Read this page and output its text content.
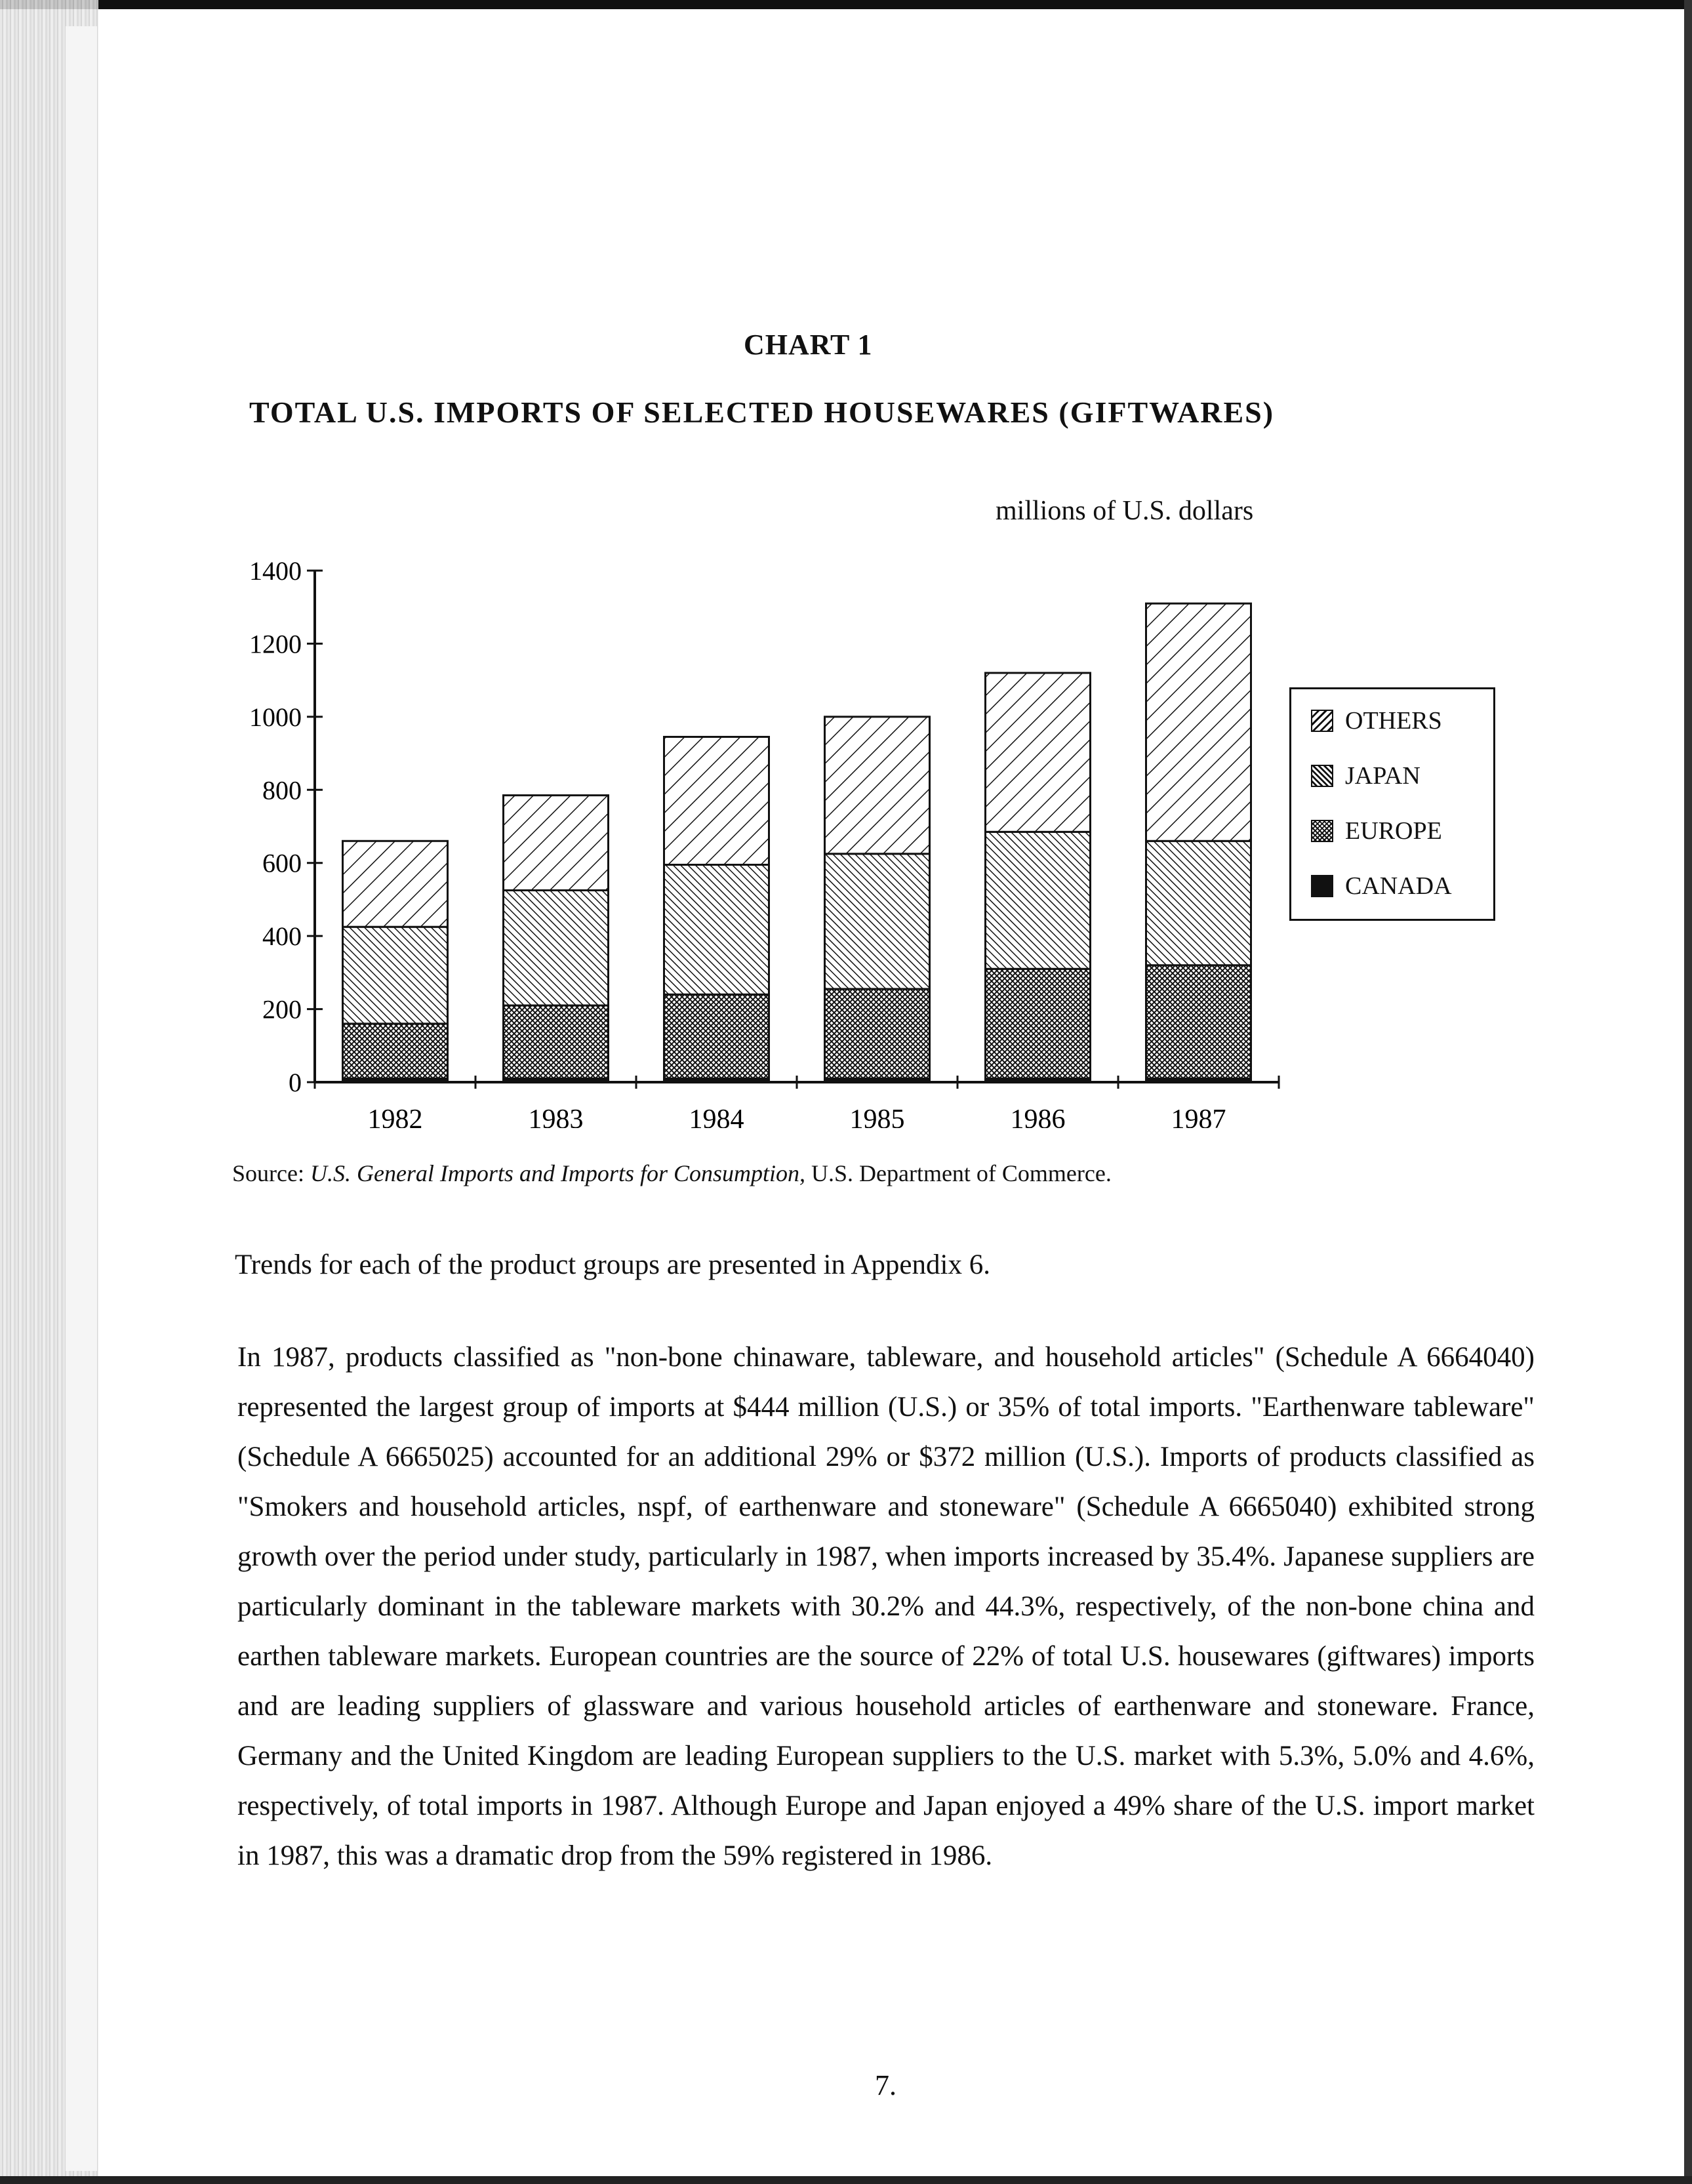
CHART 1
TOTAL U.S. IMPORTS OF SELECTED HOUSEWARES (GIFTWARES)
millions of U.S. dollars
0
200
400
600
800
1000
1200
1400
1982	1983	1984	1985	1986	1987
OTHERS
JAPAN
EUROPE
CANADA
Source: U.S. General Imports and Imports for Consumption, U.S. Department of Commerce.
Trends for each of the product groups are presented in Appendix 6.
In 1987, products classified as "non-bone chinaware, tableware, and household articles" (Schedule A 6664040) represented the largest group of imports at $444 million (U.S.) or 35% of total imports. "Earthenware tableware" (Schedule A 6665025) accounted for an additional 29% or $372 million (U.S.). Imports of products classified as "Smokers and household articles, nspf, of earthenware and stoneware" (Schedule A 6665040) exhibited strong growth over the period under study, particularly in 1987, when imports increased by 35.4%. Japanese suppliers are particularly dominant in the tableware markets with 30.2% and 44.3%, respectively, of the non-bone china and earthen tableware markets. European countries are the source of 22% of total U.S. housewares (giftwares) imports and are leading suppliers of glassware and various household articles of earthenware and stoneware. France, Germany and the United Kingdom are leading European suppliers to the U.S. market with 5.3%, 5.0% and 4.6%, respectively, of total imports in 1987. Although Europe and Japan enjoyed a 49% share of the U.S. import market in 1987, this was a dramatic drop from the 59% registered in 1986.
7.
